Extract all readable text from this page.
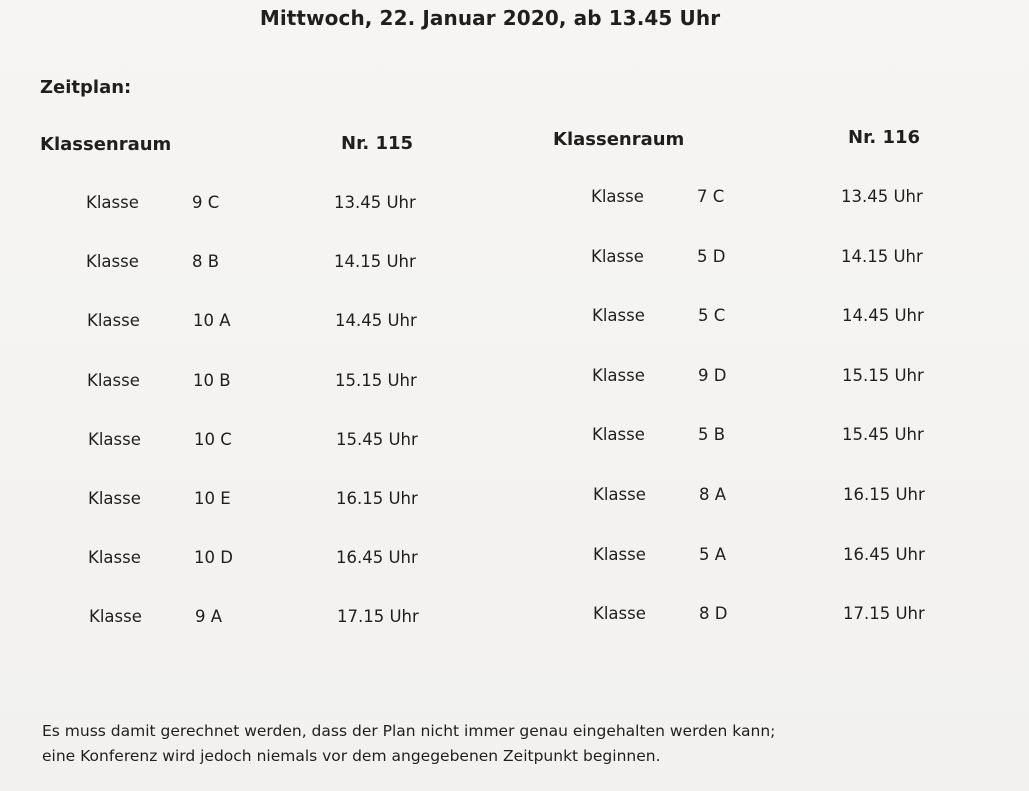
Mittwoch, 22. Januar 2020, ab 13.45 Uhr
Zeitplan:
Klassenraum	Nr. 115	Klassenraum	Nr. 116
Klasse	9 C	13.45 Uhr
Klasse	8 B	14.15 Uhr
Klasse	10 A	14.45 Uhr
Klasse	10 B	15.15 Uhr
Klasse	10 C	15.45 Uhr
Klasse	10 E	16.15 Uhr
Klasse	10 D	16.45 Uhr
Klasse	9 A	17.15 Uhr
Klasse	7 C	13.45 Uhr
Klasse	5 D	14.15 Uhr
Klasse	5 C	14.45 Uhr
Klasse	9 D	15.15 Uhr
Klasse	5 B	15.45 Uhr
Klasse	8 A	16.15 Uhr
Klasse	5 A	16.45 Uhr
Klasse	8 D	17.15 Uhr
Es muss damit gerechnet werden, dass der Plan nicht immer genau eingehalten werden kann;
eine Konferenz wird jedoch niemals vor dem angegebenen Zeitpunkt beginnen.
